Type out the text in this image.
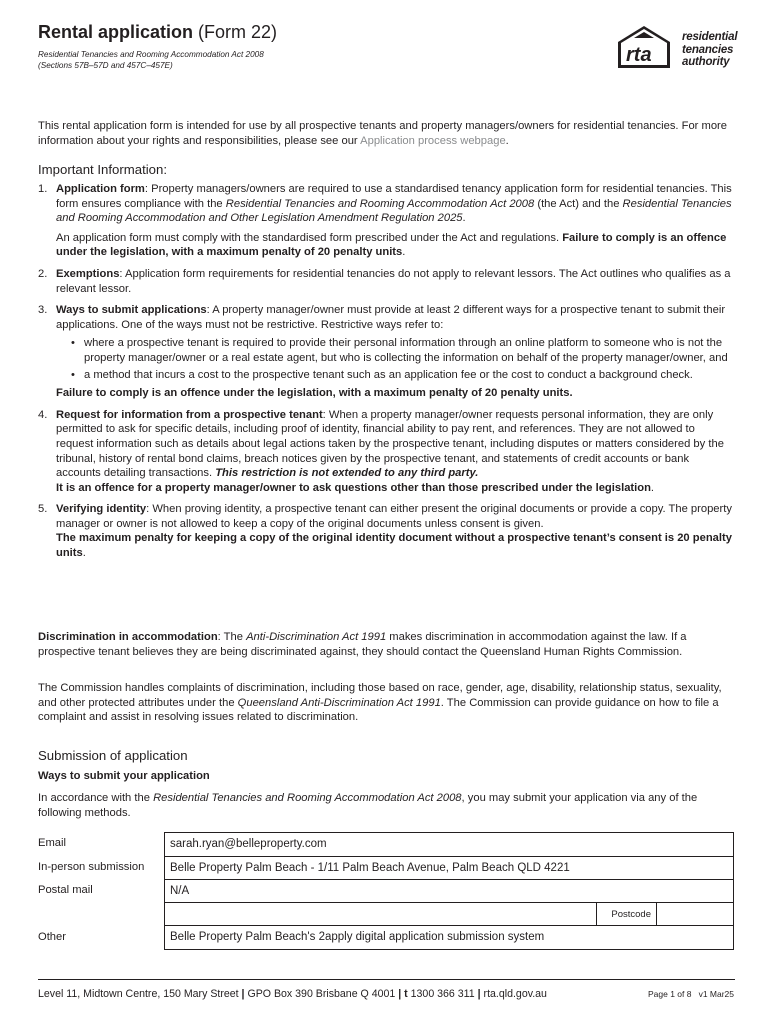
Rental application (Form 22)
Residential Tenancies and Rooming Accommodation Act 2008
(Sections 57B–57D and 457C–457E)	rta
residential
tenancies
authority
This rental application form is intended for use by all prospective tenants and property managers/owners for residential tenancies. For more information about your rights and responsibilities, please see our Application process webpage.
Important Information:
1. Application form: Property managers/owners are required to use a standardised tenancy application form for residential tenancies. This form ensures compliance with the Residential Tenancies and Rooming Accommodation Act 2008 (the Act) and the Residential Tenancies and Rooming Accommodation and Other Legislation Amendment Regulation 2025.

An application form must comply with the standardised form prescribed under the Act and regulations. Failure to comply is an offence under the legislation, with a maximum penalty of 20 penalty units.

2. Exemptions: Application form requirements for residential tenancies do not apply to relevant lessors. The Act outlines who qualifies as a relevant lessor.

3. Ways to submit applications: A property manager/owner must provide at least 2 different ways for a prospective tenant to submit their applications. One of the ways must not be restrictive. Restrictive ways refer to:

• where a prospective tenant is required to provide their personal information through an online platform to someone who is not the property manager/owner or a real estate agent, but who is collecting the information on behalf of the property manager/owner, and
• a method that incurs a cost to the prospective tenant such as an application fee or the cost to conduct a background check.

Failure to comply is an offence under the legislation, with a maximum penalty of 20 penalty units.

4. Request for information from a prospective tenant: When a property manager/owner requests personal information, they are only permitted to ask for specific details, including proof of identity, financial ability to pay rent, and references. They are not allowed to request information such as details about legal actions taken by the prospective tenant, including disputes or matters considered by the tribunal, history of rental bond claims, breach notices given by the prospective tenant, and statements of credit accounts or bank accounts detailing transactions. This restriction is not extended to any third party.
It is an offence for a property manager/owner to ask questions other than those prescribed under the legislation.

5. Verifying identity: When proving identity, a prospective tenant can either present the original documents or provide a copy. The property manager or owner is not allowed to keep a copy of the original documents unless consent is given.
The maximum penalty for keeping a copy of the original identity document without a prospective tenant’s consent is 20 penalty units.

Discrimination in accommodation: The Anti-Discrimination Act 1991 makes discrimination in accommodation against the law. If a prospective tenant believes they are being discriminated against, they should contact the Queensland Human Rights Commission.
The Commission handles complaints of discrimination, including those based on race, gender, age, disability, relationship status, sexuality, and other protected attributes under the Queensland Anti-Discrimination Act 1991. The Commission can provide guidance on how to file a complaint and assist in resolving issues related to discrimination.
Submission of application
Ways to submit your application
In accordance with the Residential Tenancies and Rooming Accommodation Act 2008, you may submit your application via any of the following methods.
Email
In-person submission
Postal mail
Other
sarah.ryan@belleproperty.com
Belle Property Palm Beach - 1/11 Palm Beach Avenue, Palm Beach QLD 4221
N/A
Postcode
Belle Property Palm Beach's 2apply digital application submission system
Level 11, Midtown Centre, 150 Mary Street | GPO Box 390 Brisbane Q 4001 | t 1300 366 311 | rta.qld.gov.au	Page 1 of 8 v1 Mar25
